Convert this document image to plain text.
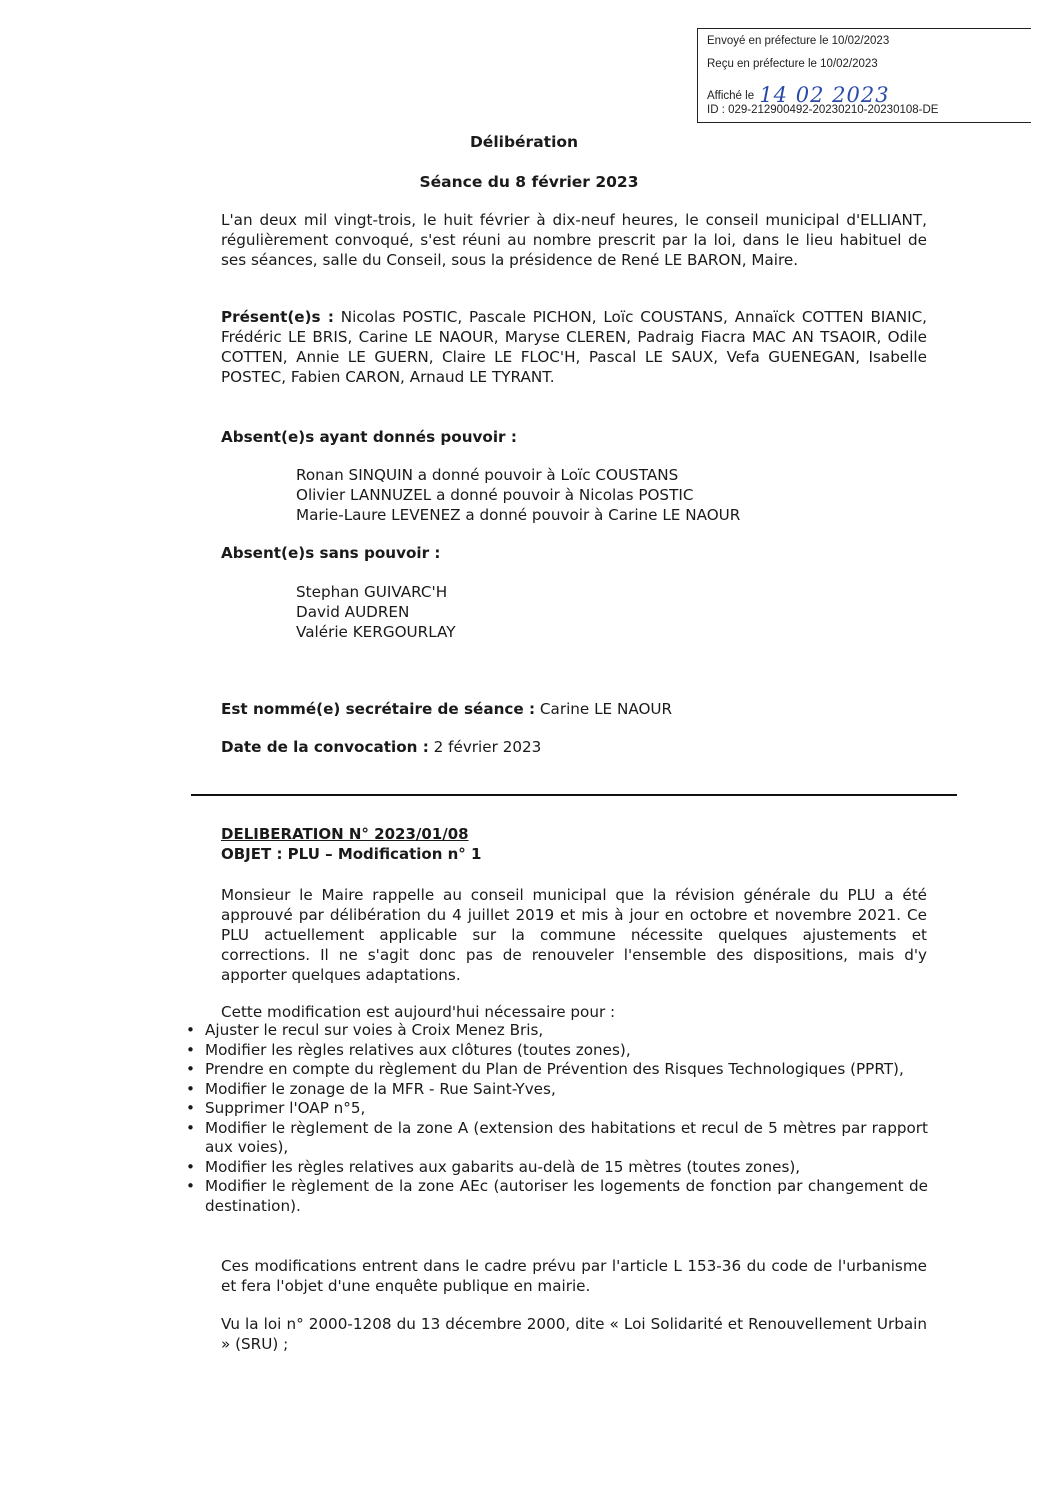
Envoyé en préfecture le 10/02/2023
Reçu en préfecture le 10/02/2023
Affiché le 14 02 2023
ID : 029-212900492-20230210-20230108-DE
Délibération
Séance du 8 février 2023

L'an deux mil vingt-trois, le huit février à dix-neuf heures, le conseil municipal d'ELLIANT, régulièrement convoqué, s'est réuni au nombre prescrit par la loi, dans le lieu habituel de ses séances, salle du Conseil, sous la présidence de René LE BARON, Maire.

Présent(e)s : Nicolas POSTIC, Pascale PICHON, Loïc COUSTANS, Annaïck COTTEN BIANIC, Frédéric LE BRIS, Carine LE NAOUR, Maryse CLEREN, Padraig Fiacra MAC AN TSAOIR, Odile COTTEN, Annie LE GUERN, Claire LE FLOC'H, Pascal LE SAUX, Vefa GUENEGAN, Isabelle POSTEC, Fabien CARON, Arnaud LE TYRANT.

Absent(e)s ayant donnés pouvoir :
Ronan SINQUIN a donné pouvoir à Loïc COUSTANS
Olivier LANNUZEL a donné pouvoir à Nicolas POSTIC
Marie-Laure LEVENEZ a donné pouvoir à Carine LE NAOUR
Absent(e)s sans pouvoir :
Stephan GUIVARC'H
David AUDREN
Valérie KERGOURLAY
Est nommé(e) secrétaire de séance : Carine LE NAOUR
Date de la convocation : 2 février 2023
DELIBERATION N° 2023/01/08
OBJET : PLU – Modification n° 1

Monsieur le Maire rappelle au conseil municipal que la révision générale du PLU a été approuvé par délibération du 4 juillet 2019 et mis à jour en octobre et novembre 2021. Ce PLU actuellement applicable sur la commune nécessite quelques ajustements et corrections. Il ne s'agit donc pas de renouveler l'ensemble des dispositions, mais d'y apporter quelques adaptations.

Cette modification est aujourd'hui nécessaire pour :

• Ajuster le recul sur voies à Croix Menez Bris,
• Modifier les règles relatives aux clôtures (toutes zones),
• Prendre en compte du règlement du Plan de Prévention des Risques Technologiques (PPRT),
• Modifier le zonage de la MFR - Rue Saint-Yves,
• Supprimer l'OAP n°5,
• Modifier le règlement de la zone A (extension des habitations et recul de 5 mètres par rapport aux voies),
• Modifier les règles relatives aux gabarits au-delà de 15 mètres (toutes zones),
• Modifier le règlement de la zone AEc (autoriser les logements de fonction par changement de destination).

Ces modifications entrent dans le cadre prévu par l'article L 153-36 du code de l'urbanisme et fera l'objet d'une enquête publique en mairie.

Vu la loi n° 2000-1208 du 13 décembre 2000, dite « Loi Solidarité et Renouvellement Urbain » (SRU) ;
